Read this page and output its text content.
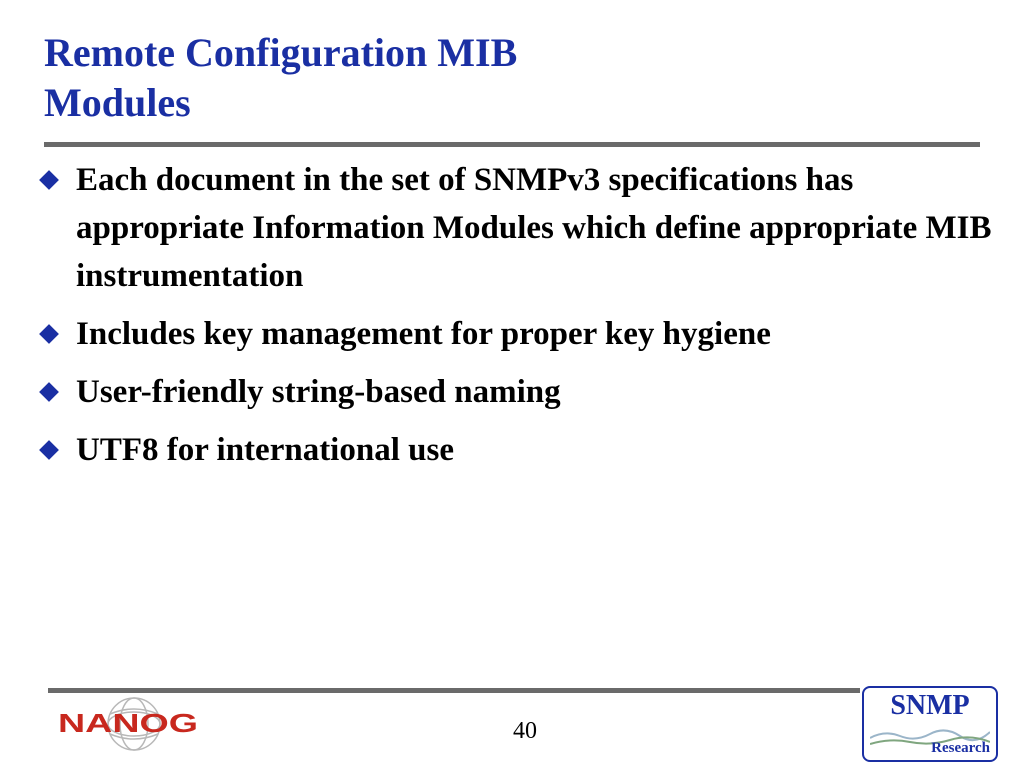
Remote Configuration MIB
Modules
Each document in the set of SNMPv3 specifications has appropriate Information Modules which define appropriate MIB instrumentation
Includes key management for proper key hygiene
User-friendly string-based naming
UTF8 for international use
NANOG	40
SNMP
Research
